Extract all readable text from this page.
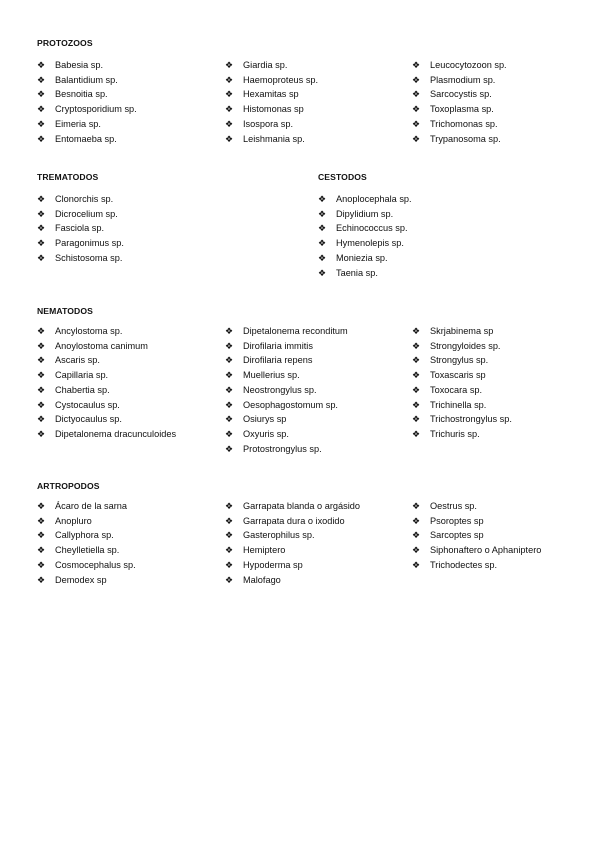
PROTOZOOS

❖ Babesia sp.
❖ Balantidium sp.
❖ Besnoitia sp.
❖ Cryptosporidium sp.
❖ Eimeria sp.
❖ Entomaeba sp.
❖ Giardia sp.
❖ Haemoproteus sp.
❖ Hexamitas sp
❖ Histomonas sp
❖ Isospora sp.
❖ Leishmania sp.
❖ Leucocytozoon sp.
❖ Plasmodium sp.
❖ Sarcocystis sp.
❖ Toxoplasma sp.
❖ Trichomonas sp.
❖ Trypanosoma sp.

TREMATODOS

❖ Clonorchis sp.
❖ Dicrocelium sp.
❖ Fasciola sp.
❖ Paragonimus sp.
❖ Schistosoma sp.

CESTODOS

❖ Anoplocephala sp.
❖ Dipylidium sp.
❖ Echinococcus sp.
❖ Hymenolepis sp.
❖ Moniezia sp.
❖ Taenia sp.

NEMATODOS

❖ Ancylostoma sp.
❖ Anoylostoma canimum
❖ Ascaris sp.
❖ Capillaria sp.
❖ Chabertia sp.
❖ Cystocaulus sp.
❖ Dictyocaulus sp.
❖ Dipetalonema dracunculoides
❖ Dipetalonema reconditum
❖ Dirofilaria immitis
❖ Dirofilaria repens
❖ Muellerius sp.
❖ Neostrongylus sp.
❖ Oesophagostomum sp.
❖ Osiurys sp
❖ Oxyuris sp.
❖ Protostrongylus sp.
❖ Skrjabinema sp
❖ Strongyloides sp.
❖ Strongylus sp.
❖ Toxascaris sp
❖ Toxocara sp.
❖ Trichinella sp.
❖ Trichostrongylus sp.
❖ Trichuris sp.

ARTROPODOS

❖ Ácaro de la sarna
❖ Anopluro
❖ Callyphora sp.
❖ Cheylletiella sp.
❖ Cosmocephalus sp.
❖ Demodex sp
❖ Garrapata blanda o argásido
❖ Garrapata dura o ixodido
❖ Gasterophilus sp.
❖ Hemiptero
❖ Hypoderma sp
❖ Malofago
❖ Oestrus sp.
❖ Psoroptes sp
❖ Sarcoptes sp
❖ Siphonaftero o Aphaniptero
❖ Trichodectes sp.
